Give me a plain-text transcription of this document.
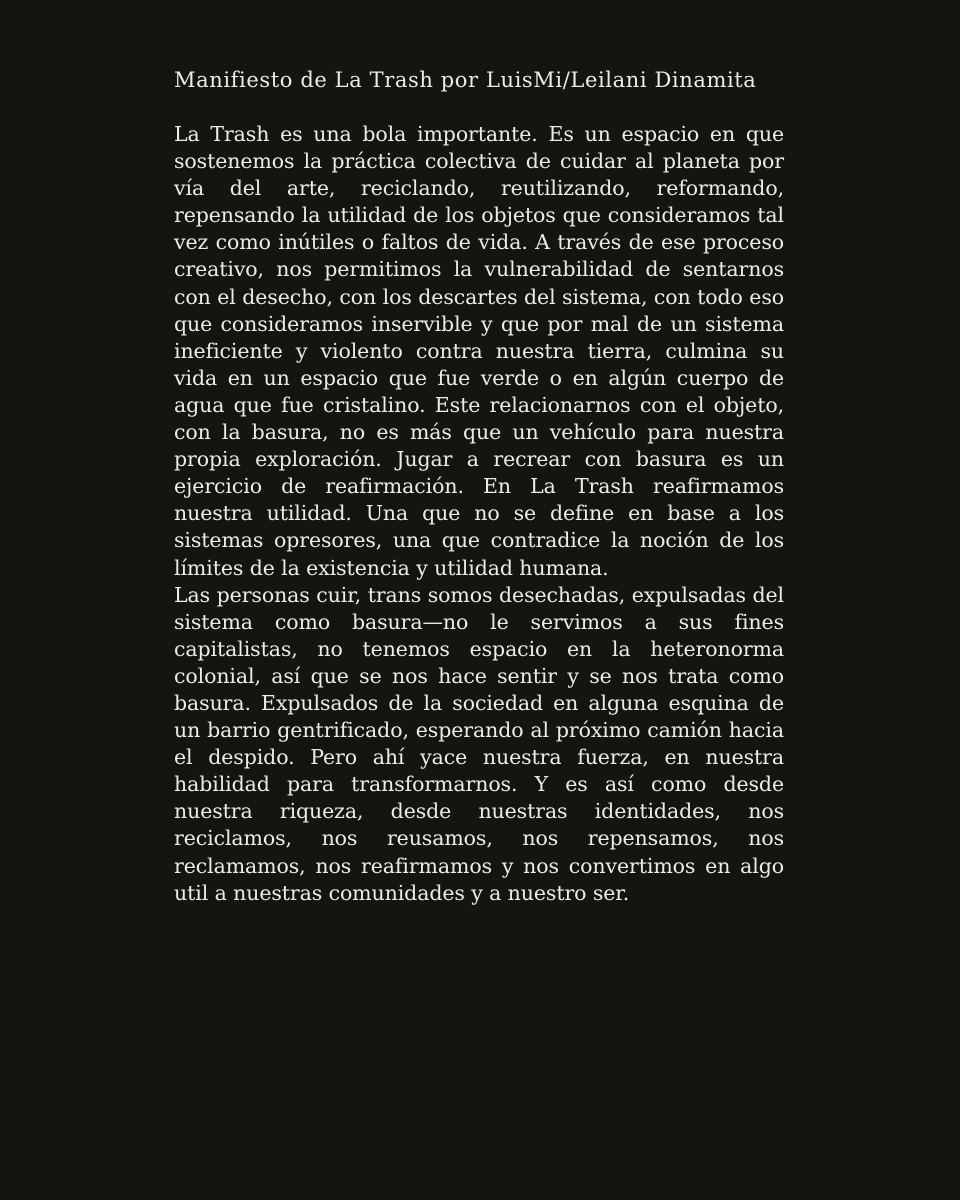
Manifiesto de La Trash por LuisMi/Leilani Dinamita

La Trash es una bola importante. Es un espacio en que sostenemos la práctica colectiva de cuidar al planeta por vía del arte, reciclando, reutilizando, reformando, repensando la utilidad de los objetos que consideramos tal vez como inútiles o faltos de vida. A través de ese proceso creativo, nos permitimos la vulnerabilidad de sentarnos con el desecho, con los descartes del sistema, con todo eso que consideramos inservible y que por mal de un sistema ineficiente y violento contra nuestra tierra, culmina su vida en un espacio que fue verde o en algún cuerpo de agua que fue cristalino. Este relacionarnos con el objeto, con la basura, no es más que un vehículo para nuestra propia exploración. Jugar a recrear con basura es un ejercicio de reafirmación. En La Trash reafirmamos nuestra utilidad. Una que no se define en base a los sistemas opresores, una que contradice la noción de los límites de la existencia y utilidad humana.

Las personas cuir, trans somos desechadas, expulsadas del sistema como basura—no le servimos a sus fines capitalistas, no tenemos espacio en la heteronorma colonial, así que se nos hace sentir y se nos trata como basura. Expulsados de la sociedad en alguna esquina de un barrio gentrificado, esperando al próximo camión hacia el despido. Pero ahí yace nuestra fuerza, en nuestra habilidad para transformarnos. Y es así como desde nuestra riqueza, desde nuestras identidades, nos reciclamos, nos reusamos, nos repensamos, nos reclamamos, nos reafirmamos y nos convertimos en algo util a nuestras comunidades y a nuestro ser.
